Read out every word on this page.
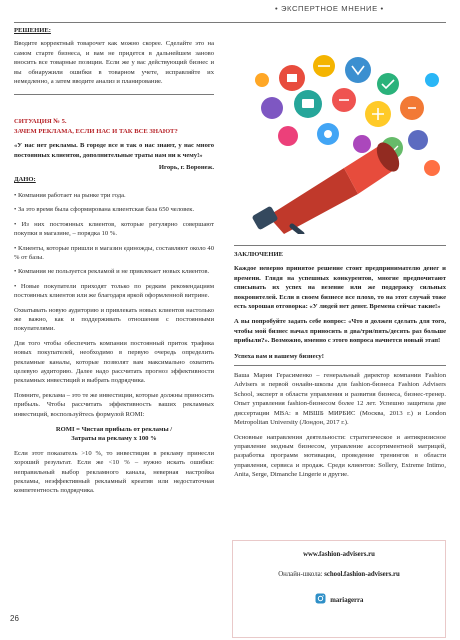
• ЭКСПЕРТНОЕ МНЕНИЕ •
РЕШЕНИЕ:

Вводите корректный товарочет как можно скорее. Сделайте это на самом старте бизнеса, и вам не придется в дальнейшем заново вносить все товарные позиции. Если же у вас действующий бизнес и вы обнаружили ошибки в товарном учете, исправляйте их немедленно, а затем вводите анализ и планирование.

СИТУАЦИЯ № 5.
ЗАЧЕМ РЕКЛАМА, ЕСЛИ НАС И ТАК ВСЕ ЗНАЮТ?

«У нас нет рекламы. В городе все и так о нас знают, у нас много постоянных клиентов, дополнительные траты нам ни к чему!»

Игорь, г. Воронеж.

ДАНО:

• Компания работает на рынке три года.

• За это время была сформирована клиентская база 650 человек.

• Из них постоянных клиентов, которые регулярно совершают покупки в магазине, – порядка 10 %.

• Клиенты, которые пришли в магазин единожды, составляют около 40 % от базы.

• Компания не пользуется рекламой и не привлекает новых клиентов.

• Новые покупатели приходят только по редким рекомендациям постоянных клиентов или же благодаря яркой оформленной витрине.

Охватывать новую аудиторию и привлекать новых клиентов настолько же важно, как и поддерживать отношения с постоянными покупателями.

Для того чтобы обеспечить компании постоянный приток трафика новых покупателей, необходимо в первую очередь определить рекламные каналы, которые позволят вам максимально охватить целевую аудиторию. Далее надо рассчитать прогноз эффективности рекламных инвестиций и выбрать подрядчика.

Помните, реклама – это те же инвестиции, которые должны приносить прибыль. Чтобы рассчитать эффективность ваших рекламных инвестиций, воспользуйтесь формулой ROMI:

ROMI = Чистая прибыль от рекламы /
Затраты на рекламу х 100 %

Если этот показатель >10 %, то инвестиции в рекламу принесли хороший результат. Если же <10 % – нужно искать ошибки: неправильный выбор рекламного канала, неверная настройка рекламы, неэффективный рекламный креатив или недостаточная компетентность подрядчика.

ЗАКЛЮЧЕНИЕ

Каждое неверно принятое решение стоит предпринимателю денег и времени. Глядя на успешных конкурентов, многие предпочитают списывать их успех на везение или же поддержку сильных покровителей. Если в своем бизнесе все плохо, то на этот случай тоже есть хорошая отговорка: «У людей нет денег. Времена сейчас такие!»

А вы попробуйте задать себе вопрос: «Что я должен сделать для того, чтобы мой бизнес начал приносить в два/три/пять/десять раз больше прибыли?». Возможно, именно с этого вопроса начнется новый этап!

Успеха вам и вашему бизнесу!

Ваша Мария Герасименко – генеральный директор компании Fashion Advisers и первой онлайн-школы для fashion-бизнеса Fashion Advisers School, эксперт в области управления и развития бизнеса, бизнес-тренер. Опыт управления fashion-бизнесом более 12 лет. Успешно защитила две диссертации MBA: в МВШБ МИРБИС (Москва, 2013 г.) и London Metropolitan University (Лондон, 2017 г.).

Основные направления деятельности: стратегическое и антикризисное управление модным бизнесом, управление ассортиментной матрицей, разработка программ мотивации, проведение тренингов в области управления, сервиса и продаж. Среди клиентов: Sollery, Extreme Intimo, Anita, Serge, Dimanche Lingerie и другие.

www.fashion-advisers.ru
Онлайн-школа: school.fashion-advisers.ru
mariagerra
26
